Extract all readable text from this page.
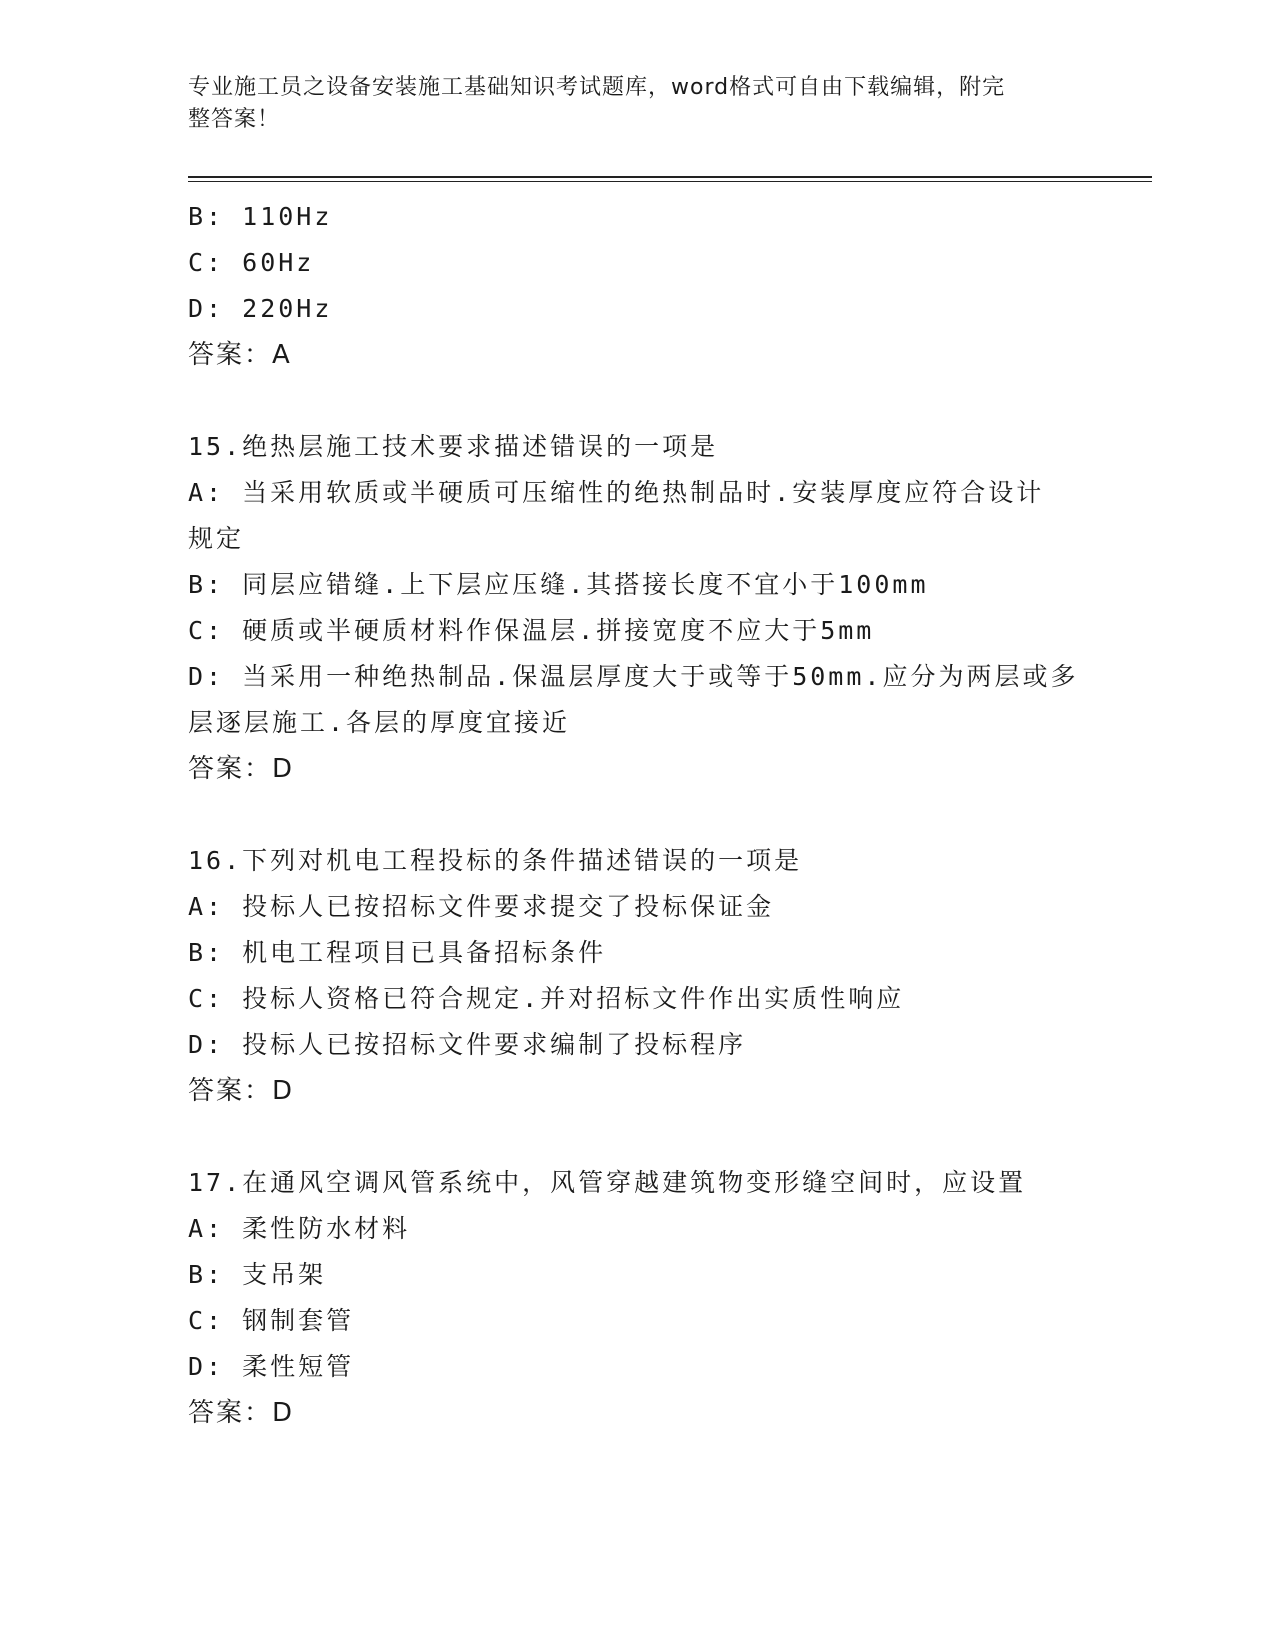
专业施工员之设备安装施工基础知识考试题库，word格式可自由下载编辑，附完
整答案！
B: 110Hz
C: 60Hz
D: 220Hz
答案：A
15.绝热层施工技术要求描述错误的一项是
A: 当采用软质或半硬质可压缩性的绝热制品时.安装厚度应符合设计
规定
B: 同层应错缝.上下层应压缝.其搭接长度不宜小于100mm
C: 硬质或半硬质材料作保温层.拼接宽度不应大于5mm
D: 当采用一种绝热制品.保温层厚度大于或等于50mm.应分为两层或多
层逐层施工.各层的厚度宜接近
答案：D
16.下列对机电工程投标的条件描述错误的一项是
A: 投标人已按招标文件要求提交了投标保证金
B: 机电工程项目已具备招标条件
C: 投标人资格已符合规定.并对招标文件作出实质性响应
D: 投标人已按招标文件要求编制了投标程序
答案：D
17.在通风空调风管系统中，风管穿越建筑物变形缝空间时，应设置
A: 柔性防水材料
B: 支吊架
C: 钢制套管
D: 柔性短管
答案：D
